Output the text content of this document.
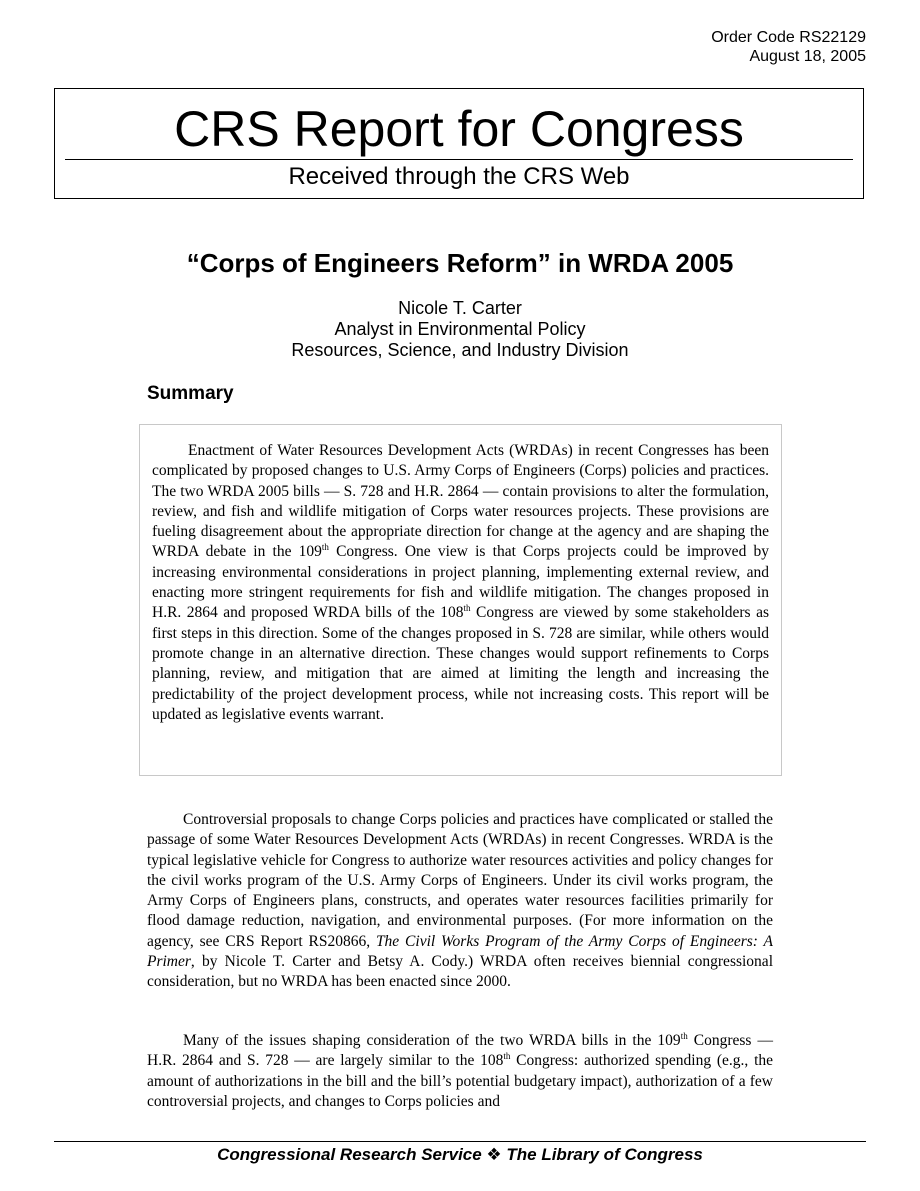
Order Code RS22129
August 18, 2005
CRS Report for Congress
Received through the CRS Web
“Corps of Engineers Reform” in WRDA 2005
Nicole T. Carter
Analyst in Environmental Policy
Resources, Science, and Industry Division
Summary

Enactment of Water Resources Development Acts (WRDAs) in recent Congresses has been complicated by proposed changes to U.S. Army Corps of Engineers (Corps) policies and practices. The two WRDA 2005 bills — S. 728 and H.R. 2864 — contain provisions to alter the formulation, review, and fish and wildlife mitigation of Corps water resources projects. These provisions are fueling disagreement about the appropriate direction for change at the agency and are shaping the WRDA debate in the 109th Congress. One view is that Corps projects could be improved by increasing environmental considerations in project planning, implementing external review, and enacting more stringent requirements for fish and wildlife mitigation. The changes proposed in H.R. 2864 and proposed WRDA bills of the 108th Congress are viewed by some stakeholders as first steps in this direction. Some of the changes proposed in S. 728 are similar, while others would promote change in an alternative direction. These changes would support refinements to Corps planning, review, and mitigation that are aimed at limiting the length and increasing the predictability of the project development process, while not increasing costs. This report will be updated as legislative events warrant.

Controversial proposals to change Corps policies and practices have complicated or stalled the passage of some Water Resources Development Acts (WRDAs) in recent Congresses. WRDA is the typical legislative vehicle for Congress to authorize water resources activities and policy changes for the civil works program of the U.S. Army Corps of Engineers. Under its civil works program, the Army Corps of Engineers plans, constructs, and operates water resources facilities primarily for flood damage reduction, navigation, and environmental purposes. (For more information on the agency, see CRS Report RS20866, The Civil Works Program of the Army Corps of Engineers: A Primer, by Nicole T. Carter and Betsy A. Cody.) WRDA often receives biennial congressional consideration, but no WRDA has been enacted since 2000.

Many of the issues shaping consideration of the two WRDA bills in the 109th Congress — H.R. 2864 and S. 728 — are largely similar to the 108th Congress: authorized spending (e.g., the amount of authorizations in the bill and the bill’s potential budgetary impact), authorization of a few controversial projects, and changes to Corps policies and

Congressional Research Service ❖ The Library of Congress
